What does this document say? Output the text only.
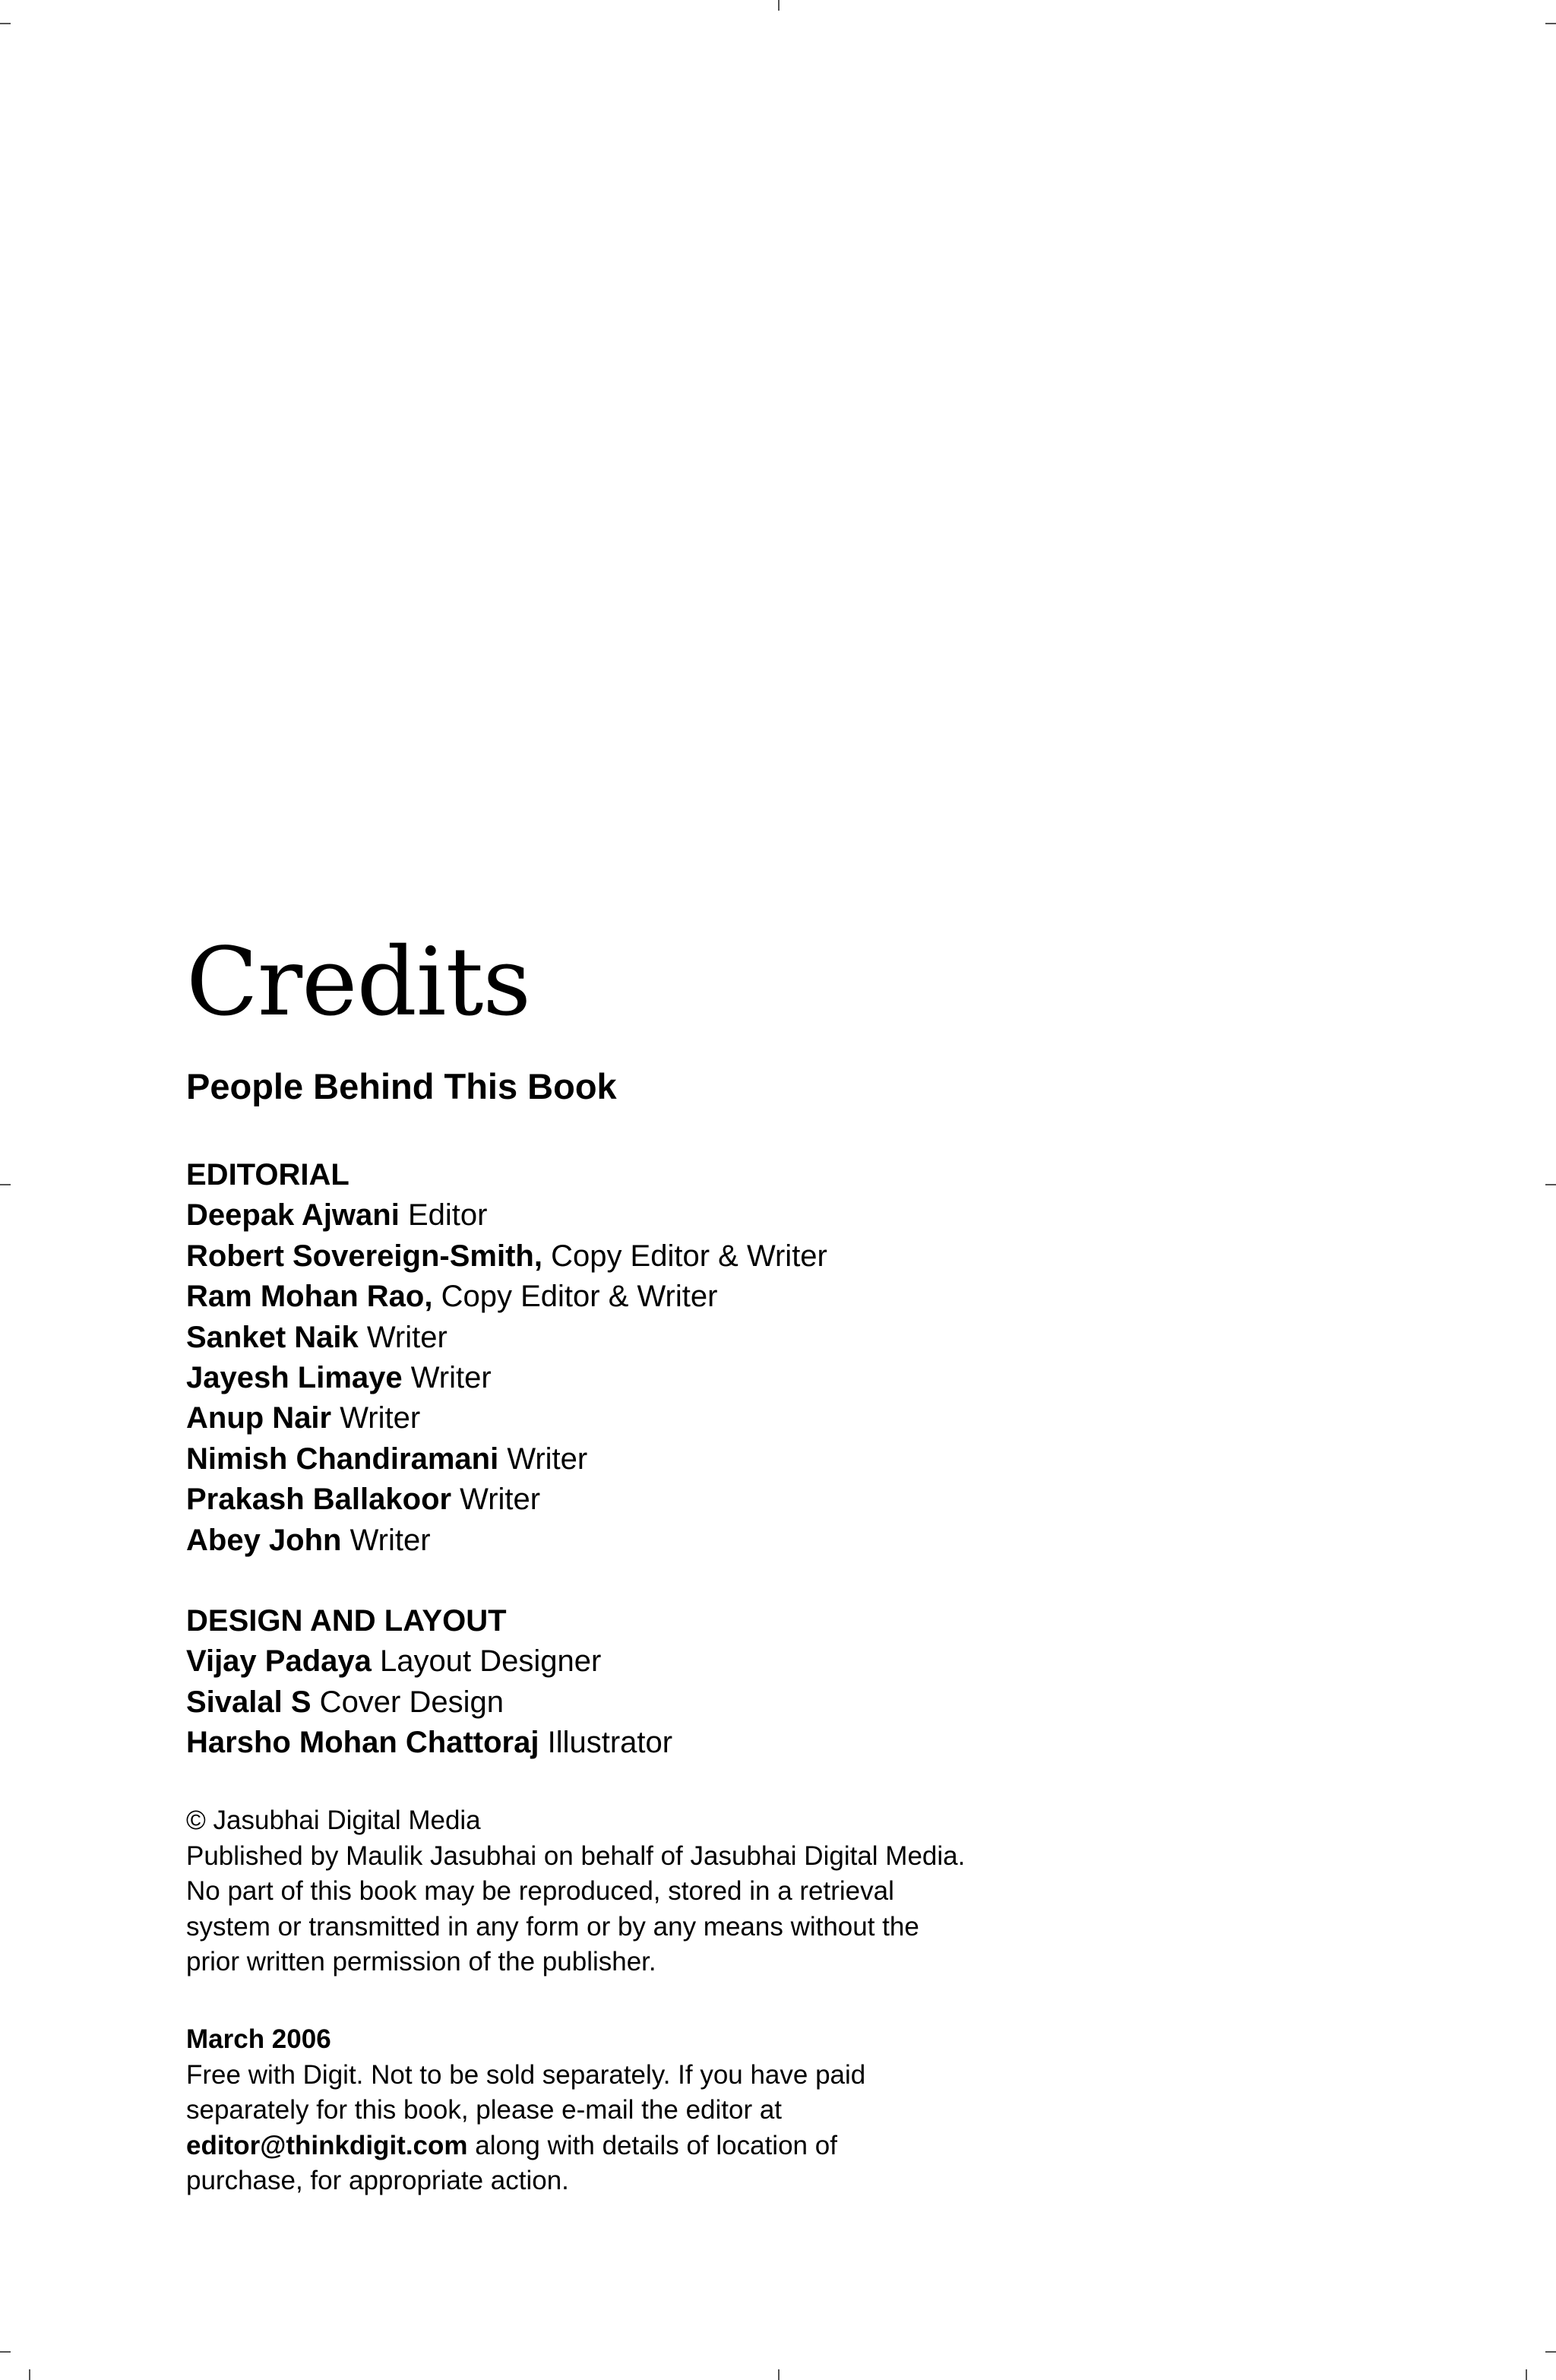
Credits
People Behind This Book
EDITORIAL
Deepak Ajwani Editor
Robert Sovereign-Smith, Copy Editor & Writer
Ram Mohan Rao, Copy Editor & Writer
Sanket Naik Writer
Jayesh Limaye Writer
Anup Nair Writer
Nimish Chandiramani Writer
Prakash Ballakoor Writer
Abey John Writer
DESIGN AND LAYOUT
Vijay Padaya Layout Designer
Sivalal S Cover Design
Harsho Mohan Chattoraj Illustrator
© Jasubhai Digital Media
Published by Maulik Jasubhai on behalf of Jasubhai Digital Media.
No part of this book may be reproduced, stored in a retrieval
system or transmitted in any form or by any means without the
prior written permission of the publisher.
March 2006
Free with Digit. Not to be sold separately. If you have paid
separately for this book, please e-mail the editor at
editor@thinkdigit.com along with details of location of
purchase, for appropriate action.
